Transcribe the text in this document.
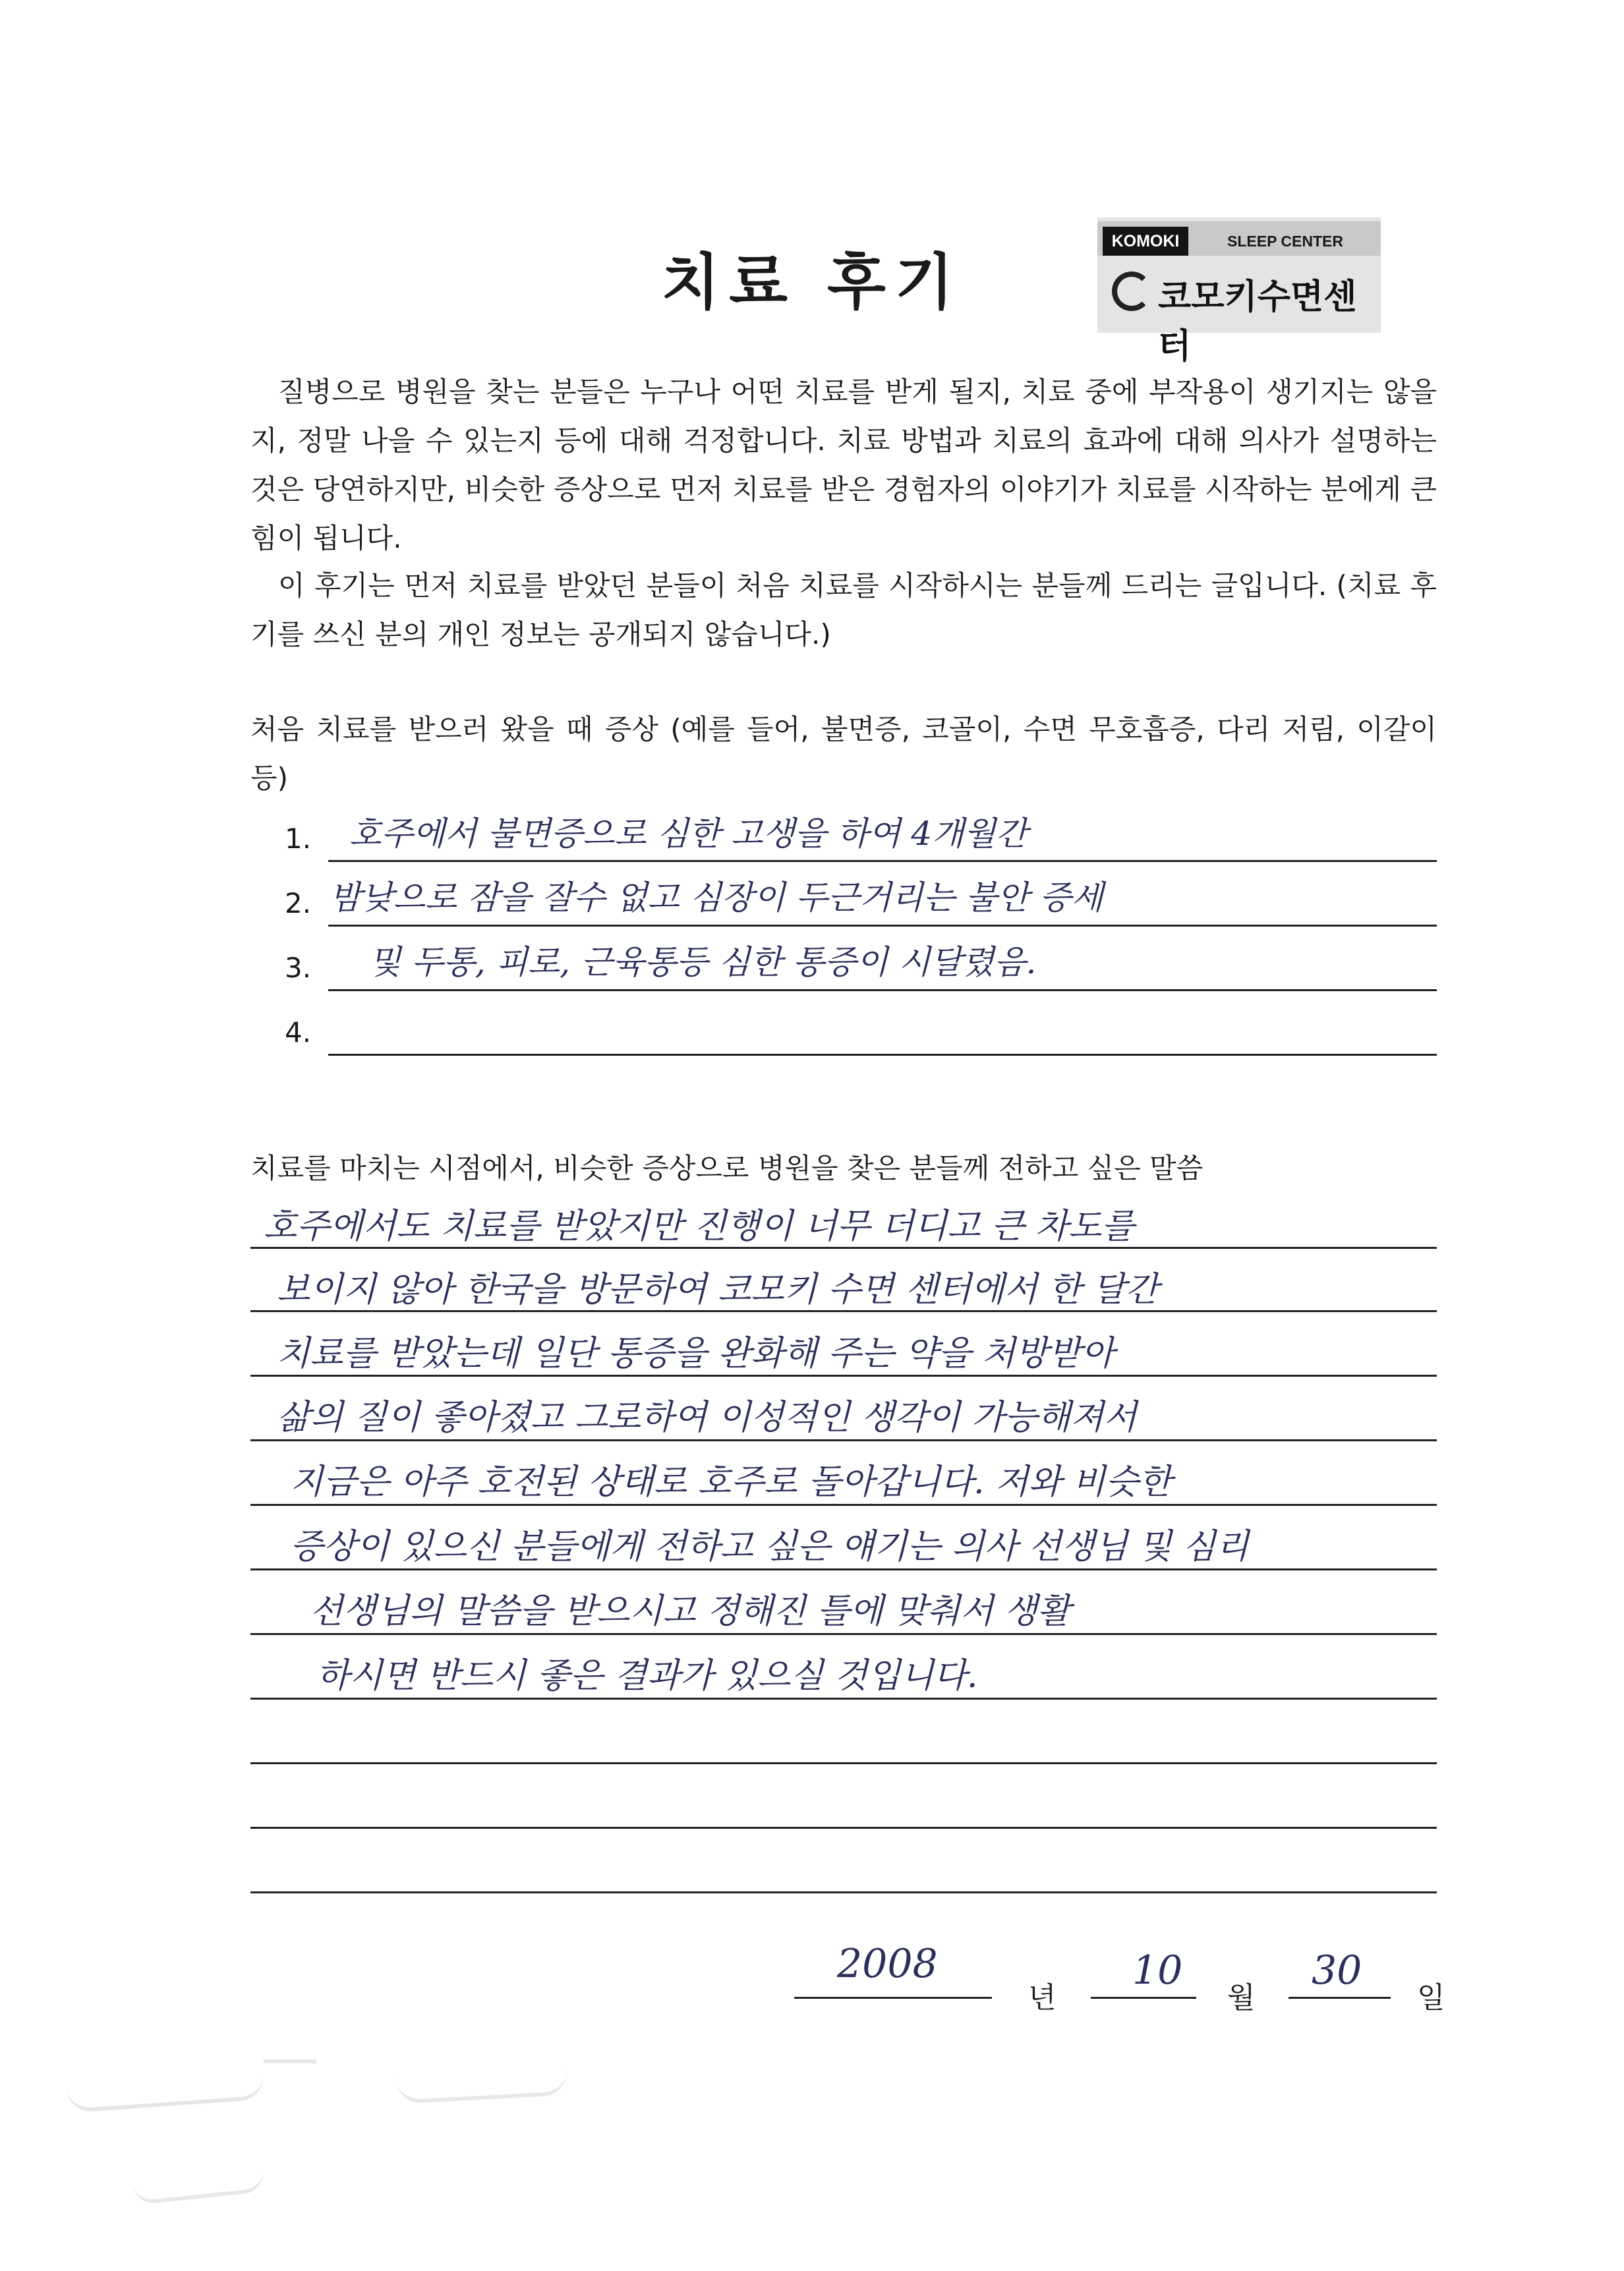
치료 후기
KOMOKI	SLEEP CENTER
코모키수면센터
질병으로 병원을 찾는 분들은 누구나 어떤 치료를 받게 될지, 치료 중에 부작용이 생기지는 않을지, 정말 나을 수 있는지 등에 대해 걱정합니다. 치료 방법과 치료의 효과에 대해 의사가 설명하는 것은 당연하지만, 비슷한 증상으로 먼저 치료를 받은 경험자의 이야기가 치료를 시작하는 분에게 큰 힘이 됩니다.
이 후기는 먼저 치료를 받았던 분들이 처음 치료를 시작하시는 분들께 드리는 글입니다. (치료 후기를 쓰신 분의 개인 정보는 공개되지 않습니다.)
처음 치료를 받으러 왔을 때 증상 (예를 들어, 불면증, 코골이, 수면 무호흡증, 다리 저림, 이갈이 등)
1. 호주에서 불면증으로 심한 고생을 하여 4개월간
2. 밤낮으로 잠을 잘수 없고 심장이 두근거리는 불안 증세
3. 및 두통, 피로, 근육통등 심한 통증이 시달렸음.
4.
치료를 마치는 시점에서, 비슷한 증상으로 병원을 찾은 분들께 전하고 싶은 말씀
호주에서도 치료를 받았지만 진행이 너무 더디고 큰 차도를
보이지 않아 한국을 방문하여 코모키 수면 센터에서 한 달간
치료를 받았는데 일단 통증을 완화해 주는 약을 처방받아
삶의 질이 좋아졌고 그로하여 이성적인 생각이 가능해져서
지금은 아주 호전된 상태로 호주로 돌아갑니다. 저와 비슷한
증상이 있으신 분들에게 전하고 싶은 얘기는 의사 선생님 및 심리
선생님의 말씀을 받으시고 정해진 틀에 맞춰서 생활
하시면 반드시 좋은 결과가 있으실 것입니다.
2008
년
10
월
30
일
